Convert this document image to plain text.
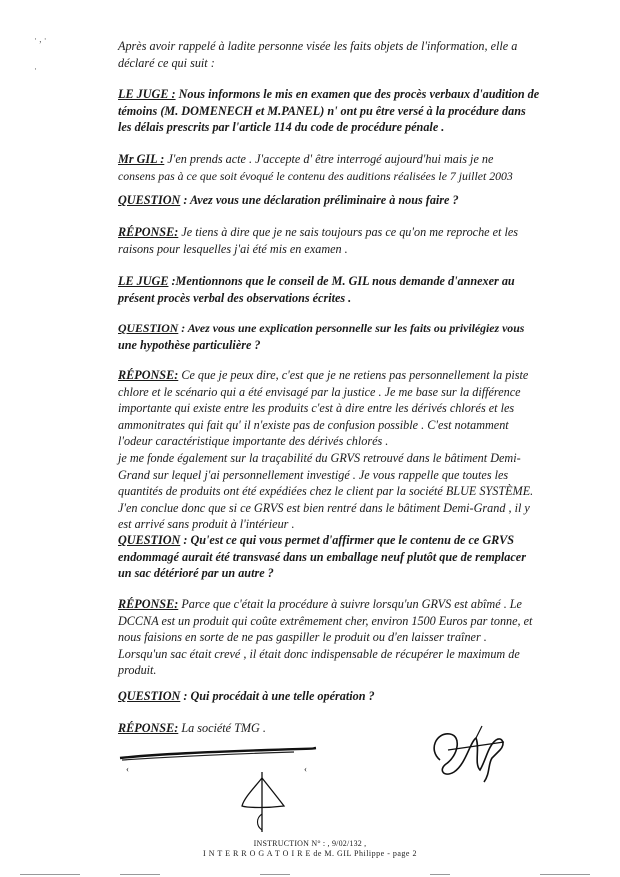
· , ·

·
Après avoir rappelé à ladite personne visée les faits objets de l'information, elle a
déclaré ce qui suit :
LE JUGE : Nous informons le mis en examen que des procès verbaux d'audition de
témoins (M. DOMENECH et M.PANEL) n' ont pu être versé à la procédure dans
les délais prescrits par l'article 114 du code de procédure pénale .
Mr GIL : J'en prends acte . J'accepte d' être interrogé aujourd'hui mais je ne
consens pas à ce que soit évoqué le contenu des auditions réalisées le 7 juillet 2003
QUESTION : Avez vous une déclaration préliminaire à nous faire ?
RÉPONSE: Je tiens à dire que je ne sais toujours pas ce qu'on me reproche et les
raisons pour lesquelles j'ai été mis en examen .
LE JUGE :Mentionnons que le conseil de M. GIL nous demande d'annexer au
présent procès verbal des observations écrites .
QUESTION : Avez vous une explication personnelle sur les faits ou privilégiez vous
une hypothèse particulière ?
RÉPONSE: Ce que je peux dire, c'est que je ne retiens pas personnellement la piste
chlore et le scénario qui a été envisagé par la justice . Je me base sur la différence
importante qui existe entre les produits c'est à dire entre les dérivés chlorés et les
ammonitrates qui fait qu' il n'existe pas de confusion possible . C'est notamment
l'odeur caractéristique importante des dérivés chlorés .
je me fonde également sur la traçabilité du GRVS retrouvé dans le bâtiment Demi-
Grand sur lequel j'ai personnellement investigé . Je vous rappelle que toutes les
quantités de produits ont été expédiées chez le client par la société BLUE SYSTÈME.
J'en conclue donc que si ce GRVS est bien rentré dans le bâtiment Demi-Grand , il y
est arrivé sans produit à l'intérieur .
QUESTION : Qu'est ce qui vous permet d'affirmer que le contenu de ce GRVS
endommagé aurait été transvasé dans un emballage neuf plutôt que de remplacer
un sac détérioré par un autre ?
RÉPONSE: Parce que c'était la procédure à suivre lorsqu'un GRVS est abîmé . Le
DCCNA est un produit qui coûte extrêmement cher, environ 1500 Euros par tonne, et
nous faisions en sorte de ne pas gaspiller le produit ou d'en laisser traîner .
Lorsqu'un sac était crevé , il était donc indispensable de récupérer le maximum de
produit.
QUESTION : Qui procédait à une telle opération ?
RÉPONSE: La société TMG .
‹	‹
INSTRUCTION N° : , 9/02/132 ,
I N T E R R O G A T O I R E de M. GIL Philippe - page 2
